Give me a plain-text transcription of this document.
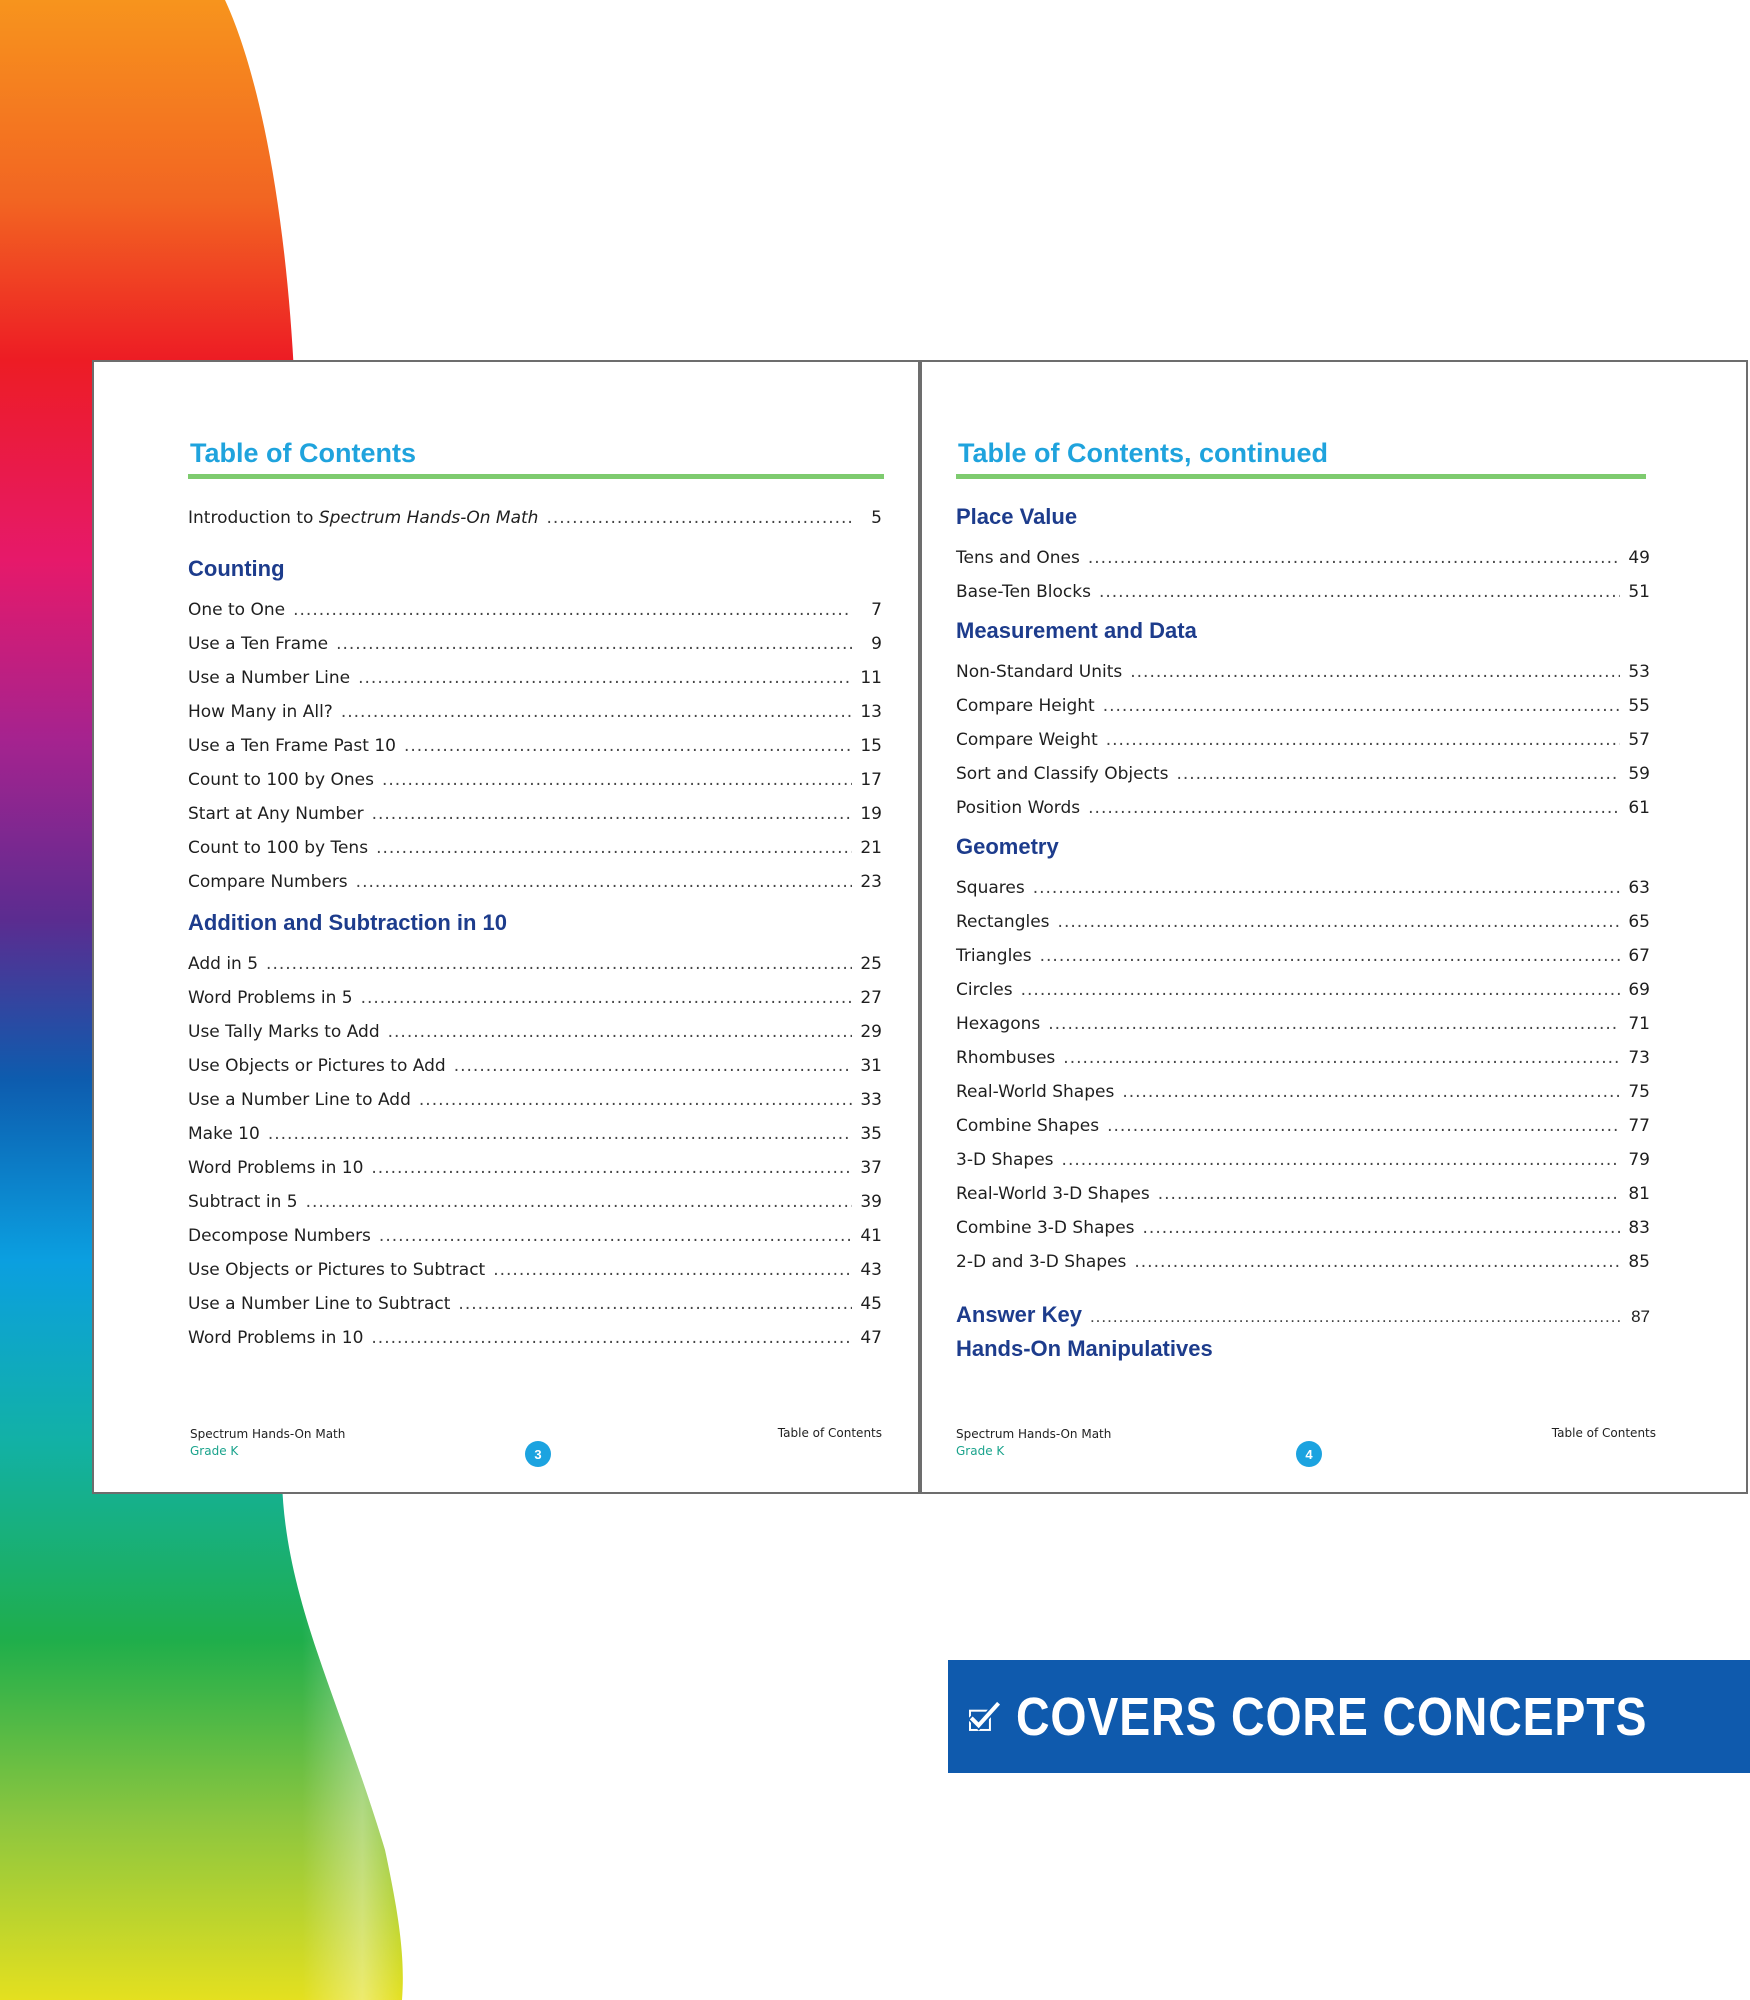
Table of Contents
Introduction to Spectrum Hands-On Math .....	5
Counting
One to One .....	7
Use a Ten Frame .....	9
Use a Number Line .....	11
How Many in All? .....	13
Use a Ten Frame Past 10 .....	15
Count to 100 by Ones .....	17
Start at Any Number .....	19
Count to 100 by Tens .....	21
Compare Numbers .....	23
Addition and Subtraction in 10
Add in 5 .....	25
Word Problems in 5 .....	27
Use Tally Marks to Add .....	29
Use Objects or Pictures to Add .....	31
Use a Number Line to Add .....	33
Make 10 .....	35
Word Problems in 10 .....	37
Subtract in 5 .....	39
Decompose Numbers .....	41
Use Objects or Pictures to Subtract .....	43
Use a Number Line to Subtract .....	45
Word Problems in 10 .....	47
Spectrum Hands-On Math
Grade K	3
Table of Contents
Table of Contents, continued
Place Value
Tens and Ones .....	49
Base-Ten Blocks .....	51
Measurement and Data
Non-Standard Units .....	53
Compare Height .....	55
Compare Weight .....	57
Sort and Classify Objects .....	59
Position Words .....	61
Geometry
Squares .....	63
Rectangles .....	65
Triangles .....	67
Circles .....	69
Hexagons .....	71
Rhombuses .....	73
Real-World Shapes .....	75
Combine Shapes .....	77
3-D Shapes .....	79
Real-World 3-D Shapes .....	81
Combine 3-D Shapes .....	83
2-D and 3-D Shapes .....	85
Answer Key .....	87
Hands-On Manipulatives
Spectrum Hands-On Math
Grade K	4
Table of Contents
COVERS CORE CONCEPTS
